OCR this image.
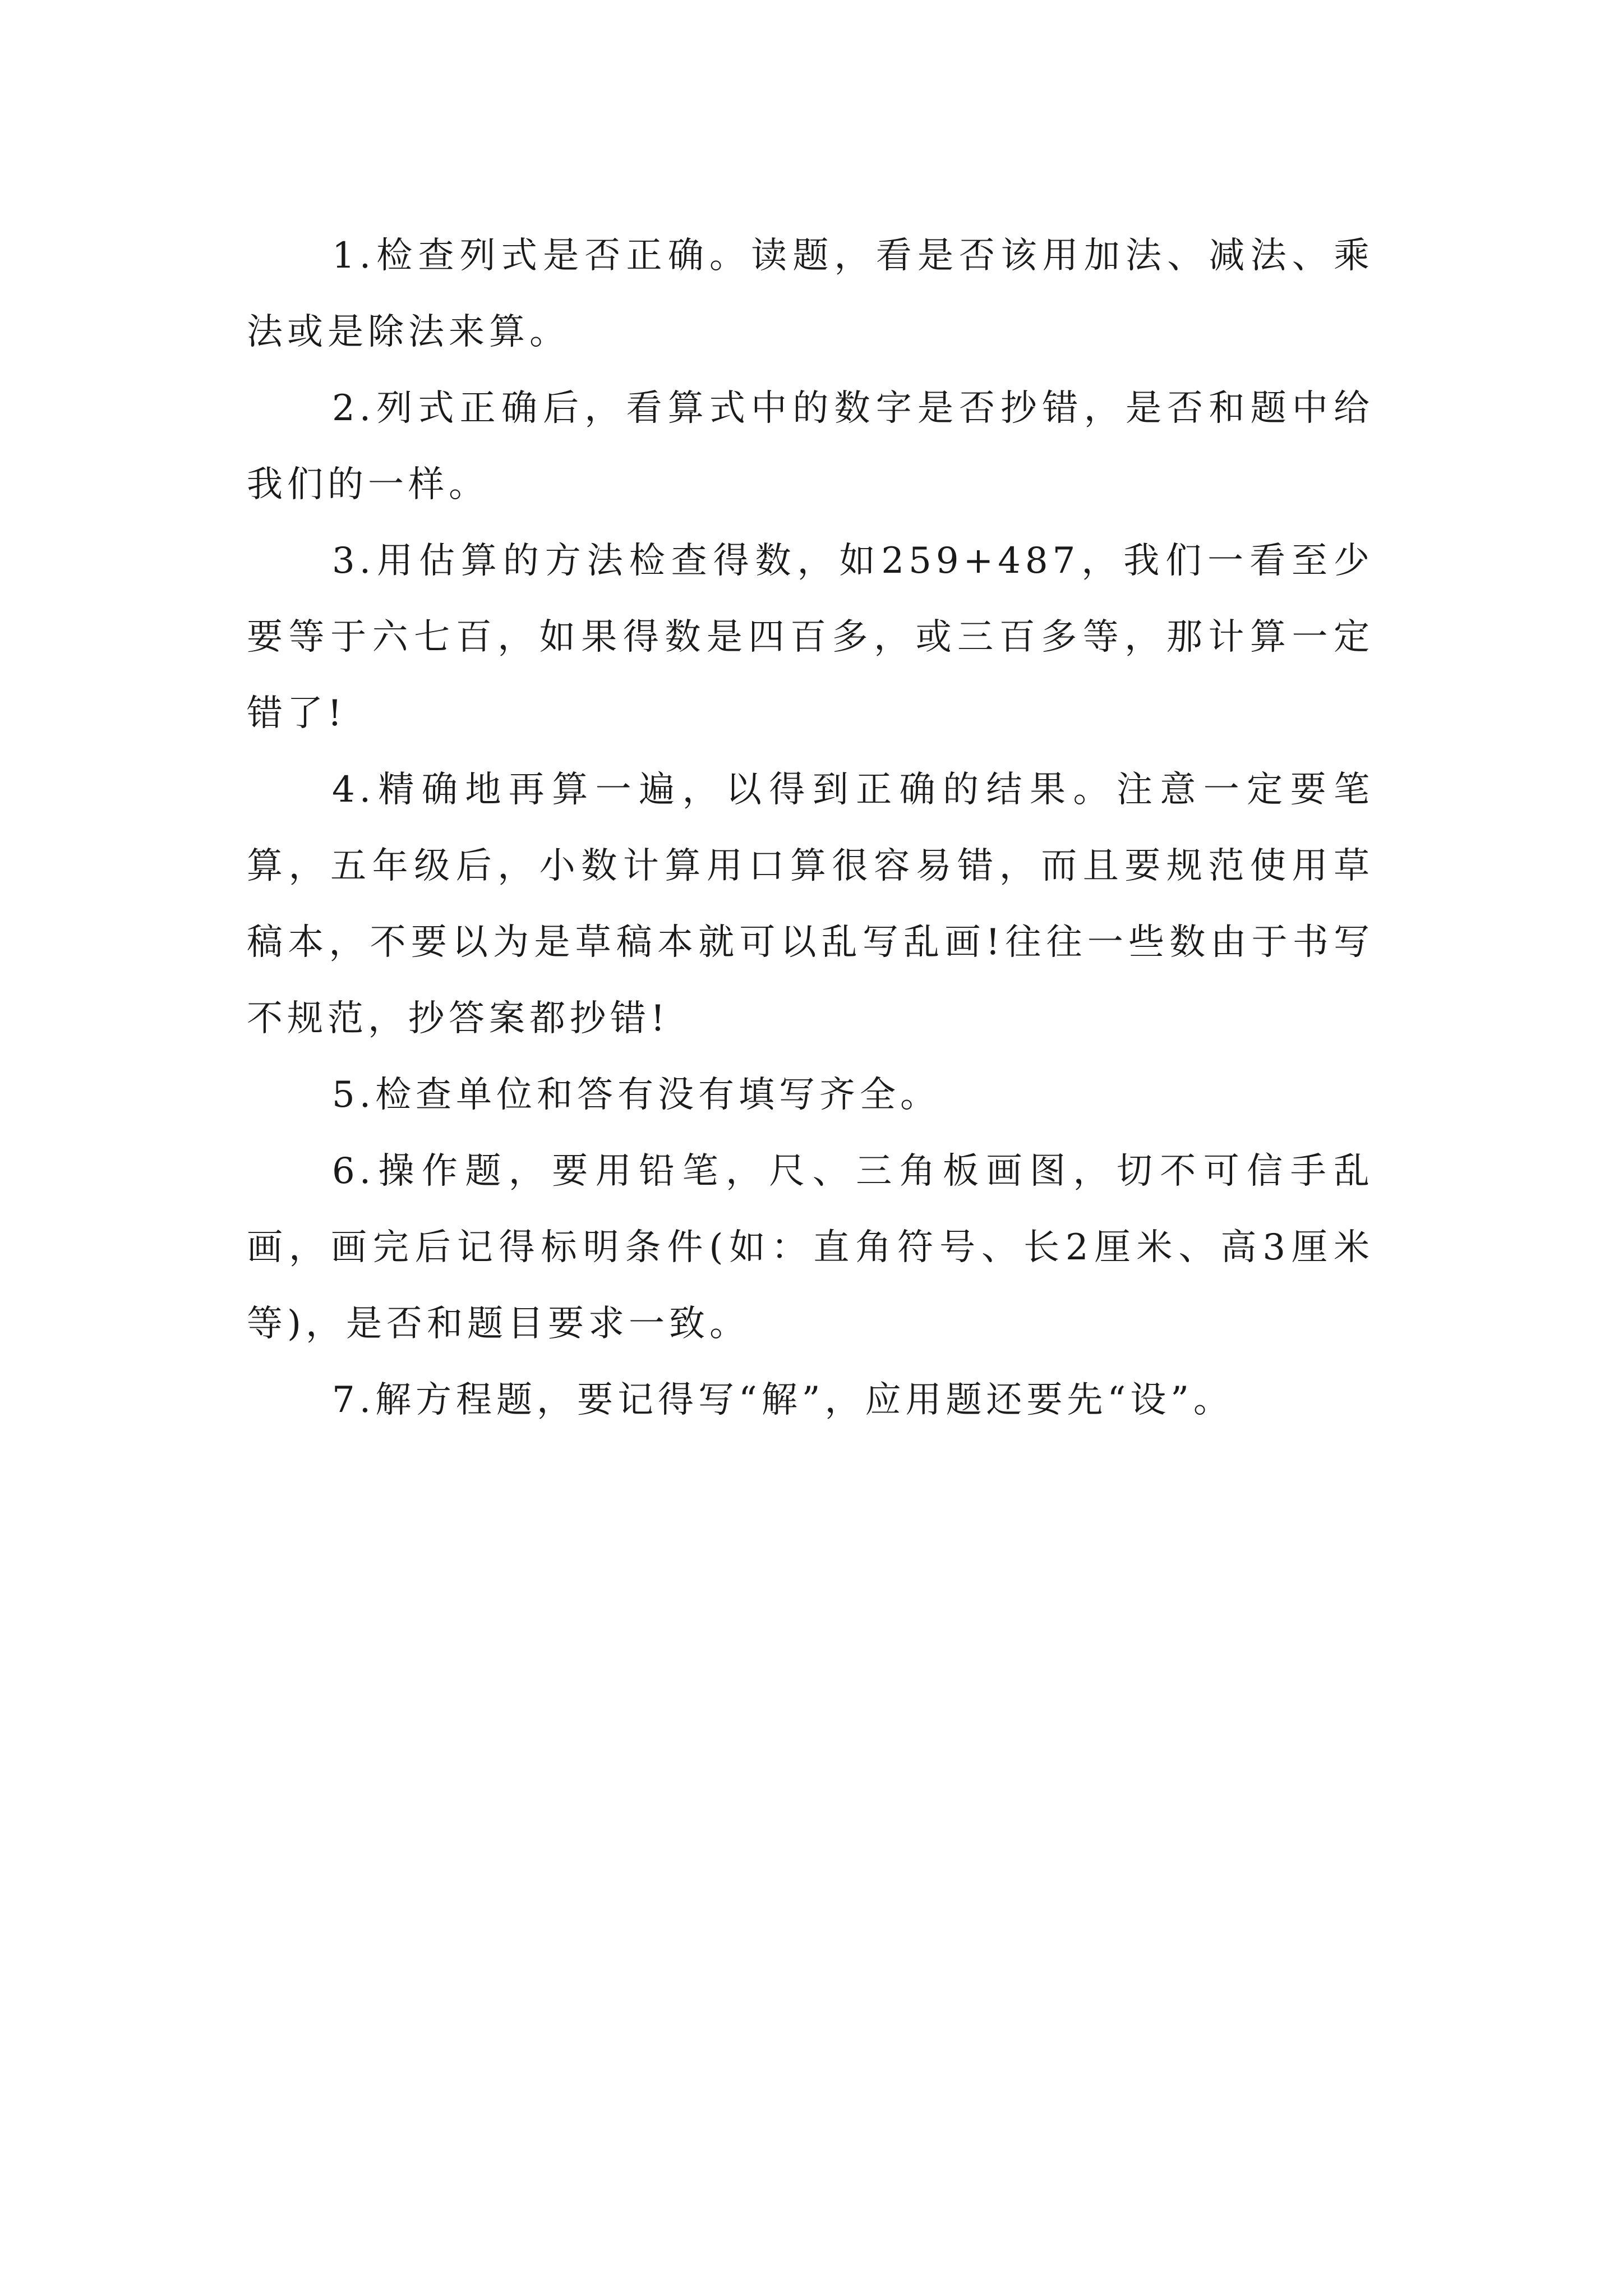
1.检查列式是否正确。读题，看是否该用加法、减法、乘法或是除法来算。

2.列式正确后，看算式中的数字是否抄错，是否和题中给我们的一样。

3.用估算的方法检查得数，如259+487，我们一看至少要等于六七百，如果得数是四百多，或三百多等，那计算一定错了!

4.精确地再算一遍，以得到正确的结果。注意一定要笔算，五年级后，小数计算用口算很容易错，而且要规范使用草稿本，不要以为是草稿本就可以乱写乱画!往往一些数由于书写不规范，抄答案都抄错!

5.检查单位和答有没有填写齐全。

6.操作题，要用铅笔，尺、三角板画图，切不可信手乱画，画完后记得标明条件(如：直角符号、长2厘米、高3厘米等)，是否和题目要求一致。

7.解方程题，要记得写“解”，应用题还要先“设”。
